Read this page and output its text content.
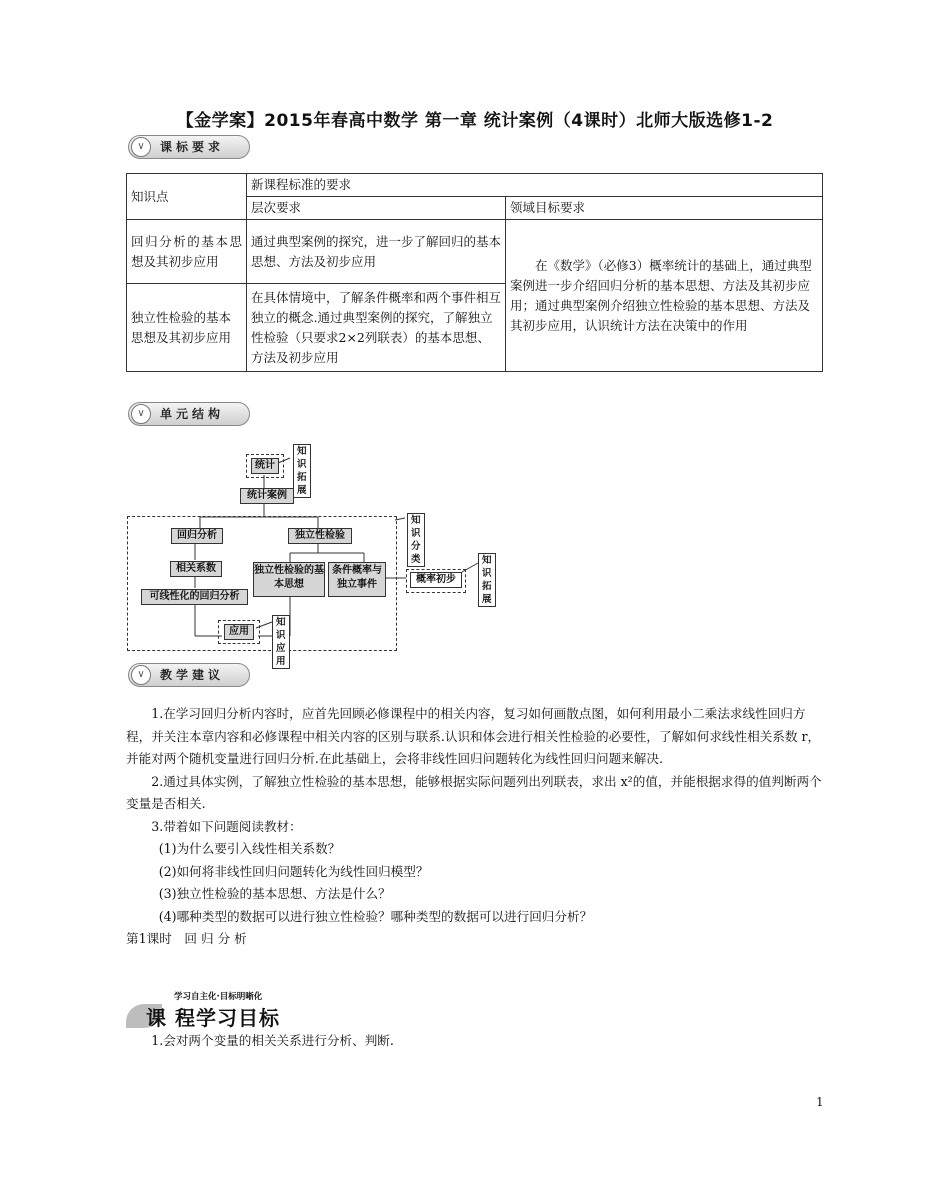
【金学案】2015年春高中数学 第一章 统计案例（4课时）北师大版选修1-2
∨	课标要求
知识点	新课程标准的要求	
	层次要求	领域目标要求
回归分析的基本思想及其初步应用	通过典型案例的探究，进一步了解回归的基本思想、方法及初步应用	在《数学》（必修3）概率统计的基础上，通过典型案例进一步介绍回归分析的基本思想、方法及其初步应用；通过典型案例介绍独立性检验的基本思想、方法及其初步应用，认识统计方法在决策中的作用
独立性检验的基本思想及其初步应用	在具体情境中，了解条件概率和两个事件相互独立的概念.通过典型案例的探究，了解独立性检验（只要求2×2列联表）的基本思想、方法及初步应用	
∨	单元结构
统计
知识拓展
统计案例
知识分类
回归分析	独立性检验
相关系数
可线性化的回归分析
独立性检验的基本思想
条件概率与独立事件	概率初步
知识拓展
应用
知识应用
∨	教学建议

1.在学习回归分析内容时，应首先回顾必修课程中的相关内容，复习如何画散点图，如何利用最小二乘法求线性回归方程，并关注本章内容和必修课程中相关内容的区别与联系.认识和体会进行相关性检验的必要性，了解如何求线性相关系数 r，并能对两个随机变量进行回归分析.在此基础上，会将非线性回归问题转化为线性回归问题来解决.

2.通过具体实例，了解独立性检验的基本思想，能够根据实际问题列出列联表，求出 x²的值，并能根据求得的值判断两个变量是否相关.

3.带着如下问题阅读教材：

(1)为什么要引入线性相关系数？

(2)如何将非线性回归问题转化为线性回归模型？

(3)独立性检验的基本思想、方法是什么？

(4)哪种类型的数据可以进行独立性检验？哪种类型的数据可以进行回归分析？

第1课时　回 归 分 析

学习自主化·目标明晰化
课 程学习目标

1.会对两个变量的相关关系进行分析、判断.

1
